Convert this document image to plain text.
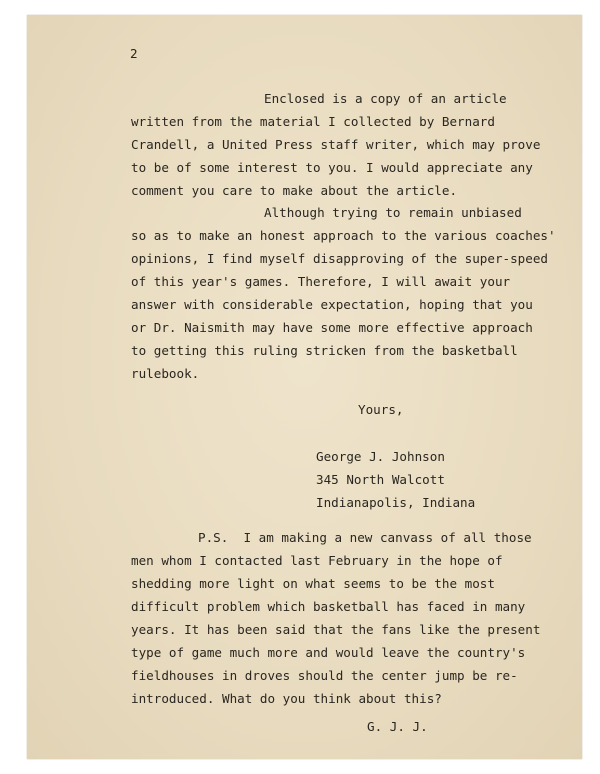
2
Enclosed is a copy of an article
written from the material I collected by Bernard
Crandell, a United Press staff writer, which may prove
to be of some interest to you. I would appreciate any
comment you care to make about the article.
Although trying to remain unbiased
so as to make an honest approach to the various coaches'
opinions, I find myself disapproving of the super-speed
of this year's games. Therefore, I will await your
answer with considerable expectation, hoping that you
or Dr. Naismith may have some more effective approach
to getting this ruling stricken from the basketball
rulebook.
Yours,
George J. Johnson
345 North Walcott
Indianapolis, Indiana
P.S.  I am making a new canvass of all those
men whom I contacted last February in the hope of
shedding more light on what seems to be the most
difficult problem which basketball has faced in many
years. It has been said that the fans like the present
type of game much more and would leave the country's
fieldhouses in droves should the center jump be re-
introduced. What do you think about this?
G. J. J.
